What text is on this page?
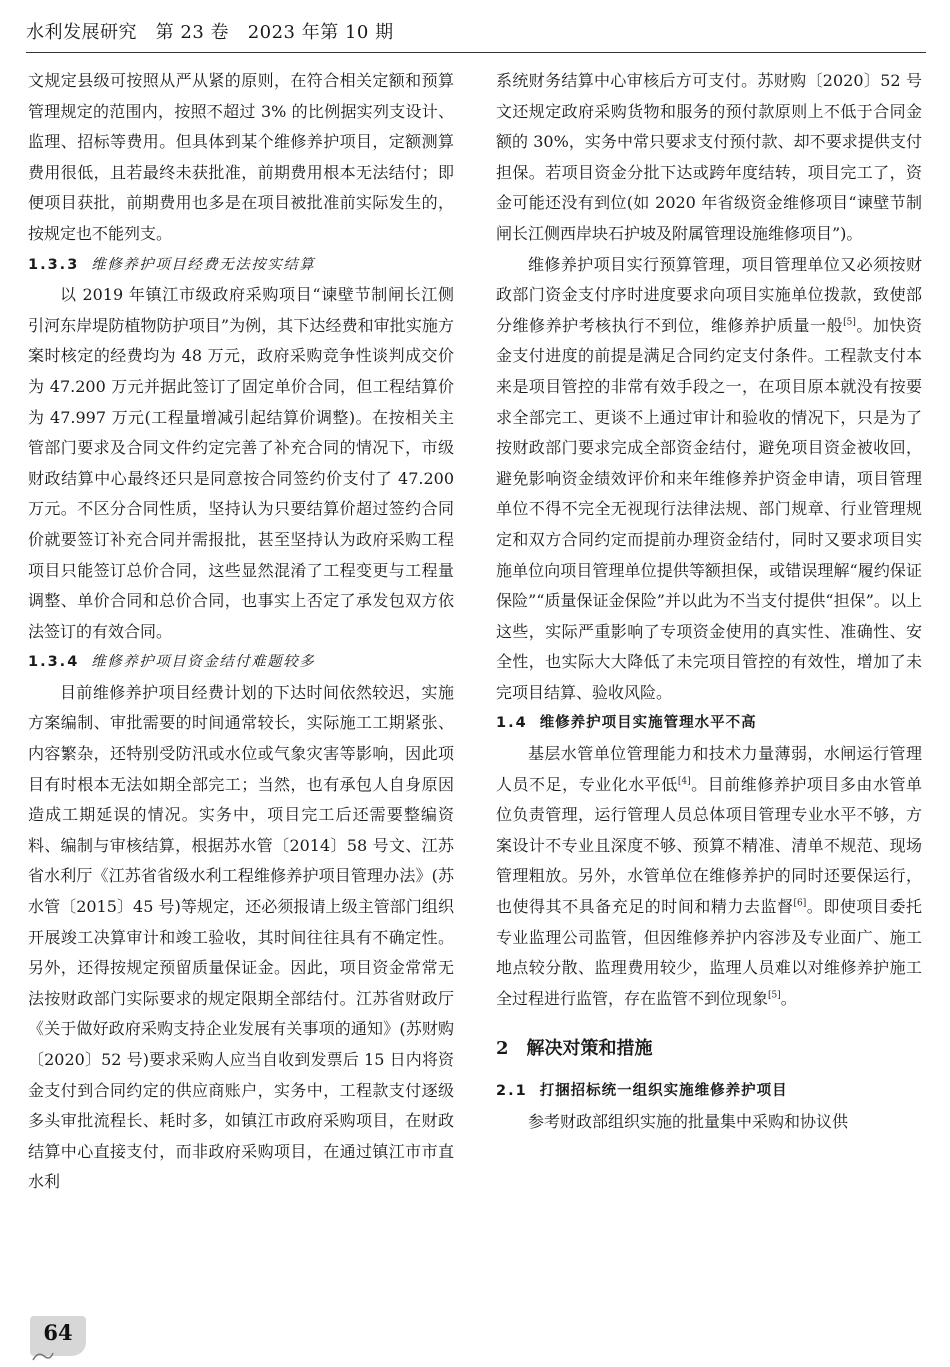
水利发展研究 第 23 卷 2023 年第 10 期

文规定县级可按照从严从紧的原则，在符合相关定额和预算管理规定的范围内，按照不超过 3% 的比例据实列支设计、监理、招标等费用。但具体到某个维修养护项目，定额测算费用很低，且若最终未获批准，前期费用根本无法结付；即便项目获批，前期费用也多是在项目被批准前实际发生的，按规定也不能列支。

1.3.3 维修养护项目经费无法按实结算

以 2019 年镇江市级政府采购项目“谏壁节制闸长江侧引河东岸堤防植物防护项目”为例，其下达经费和审批实施方案时核定的经费均为 48 万元，政府采购竞争性谈判成交价为 47.200 万元并据此签订了固定单价合同，但工程结算价为 47.997 万元(工程量增减引起结算价调整)。在按相关主管部门要求及合同文件约定完善了补充合同的情况下，市级财政结算中心最终还只是同意按合同签约价支付了 47.200 万元。不区分合同性质，坚持认为只要结算价超过签约合同价就要签订补充合同并需报批，甚至坚持认为政府采购工程项目只能签订总价合同，这些显然混淆了工程变更与工程量调整、单价合同和总价合同，也事实上否定了承发包双方依法签订的有效合同。

1.3.4 维修养护项目资金结付难题较多

目前维修养护项目经费计划的下达时间依然较迟，实施方案编制、审批需要的时间通常较长，实际施工工期紧张、内容繁杂，还特别受防汛或水位或气象灾害等影响，因此项目有时根本无法如期全部完工；当然，也有承包人自身原因造成工期延误的情况。实务中，项目完工后还需要整编资料、编制与审核结算，根据苏水管〔2014〕58 号文、江苏省水利厅《江苏省省级水利工程维修养护项目管理办法》(苏水管〔2015〕45 号)等规定，还必须报请上级主管部门组织开展竣工决算审计和竣工验收，其时间往往具有不确定性。另外，还得按规定预留质量保证金。因此，项目资金常常无法按财政部门实际要求的规定限期全部结付。江苏省财政厅《关于做好政府采购支持企业发展有关事项的通知》(苏财购〔2020〕52 号)要求采购人应当自收到发票后 15 日内将资金支付到合同约定的供应商账户，实务中，工程款支付逐级多头审批流程长、耗时多，如镇江市政府采购项目，在财政结算中心直接支付，而非政府采购项目，在通过镇江市市直水利

系统财务结算中心审核后方可支付。苏财购〔2020〕52 号文还规定政府采购货物和服务的预付款原则上不低于合同金额的 30%，实务中常只要求支付预付款、却不要求提供支付担保。若项目资金分批下达或跨年度结转，项目完工了，资金可能还没有到位(如 2020 年省级资金维修项目“谏壁节制闸长江侧西岸块石护坡及附属管理设施维修项目”)。

维修养护项目实行预算管理，项目管理单位又必须按财政部门资金支付序时进度要求向项目实施单位拨款，致使部分维修养护考核执行不到位，维修养护质量一般[5]。加快资金支付进度的前提是满足合同约定支付条件。工程款支付本来是项目管控的非常有效手段之一，在项目原本就没有按要求全部完工、更谈不上通过审计和验收的情况下，只是为了按财政部门要求完成全部资金结付，避免项目资金被收回，避免影响资金绩效评价和来年维修养护资金申请，项目管理单位不得不完全无视现行法律法规、部门规章、行业管理规定和双方合同约定而提前办理资金结付，同时又要求项目实施单位向项目管理单位提供等额担保，或错误理解“履约保证保险”“质量保证金保险”并以此为不当支付提供“担保”。以上这些，实际严重影响了专项资金使用的真实性、准确性、安全性，也实际大大降低了未完项目管控的有效性，增加了未完项目结算、验收风险。

1.4 维修养护项目实施管理水平不高

基层水管单位管理能力和技术力量薄弱，水闸运行管理人员不足，专业化水平低[4]。目前维修养护项目多由水管单位负责管理，运行管理人员总体项目管理专业水平不够，方案设计不专业且深度不够、预算不精准、清单不规范、现场管理粗放。另外，水管单位在维修养护的同时还要保运行，也使得其不具备充足的时间和精力去监督[6]。即使项目委托专业监理公司监管，但因维修养护内容涉及专业面广、施工地点较分散、监理费用较少，监理人员难以对维修养护施工全过程进行监管，存在监管不到位现象[5]。

2 解决对策和措施
2.1 打捆招标统一组织实施维修养护项目

参考财政部组织实施的批量集中采购和协议供

64
